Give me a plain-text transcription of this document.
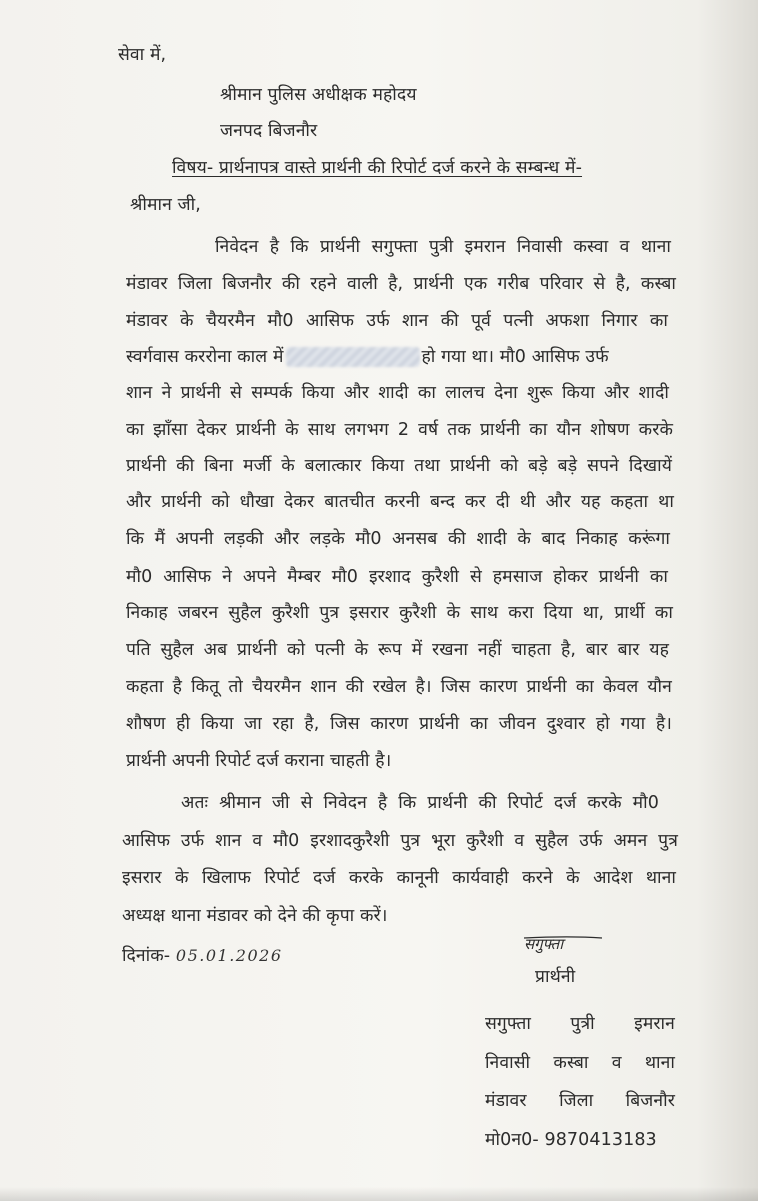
सेवा में,
श्रीमान पुलिस अधीक्षक महोदय
जनपद बिजनौर
विषय- प्रार्थनापत्र वास्ते प्रार्थनी की रिपोर्ट दर्ज करने के सम्बन्ध में-
श्रीमान जी,
निवेदन है कि प्रार्थनी सगुफ्ता पुत्री इमरान निवासी कस्वा व थाना
मंडावर जिला बिजनौर की रहने वाली है, प्रार्थनी एक गरीब परिवार से है, कस्बा
मंडावर के चैयरमैन मौ0 आसिफ उर्फ शान की पूर्व पत्नी अफशा निगार का
स्वर्गवास कररोना काल में	हो गया था। मौ0 आसिफ उर्फ
शान ने प्रार्थनी से सम्पर्क किया और शादी का लालच देना शुरू किया और शादी
का झाँसा देकर प्रार्थनी के साथ लगभग 2 वर्ष तक प्रार्थनी का यौन शोषण करके
प्रार्थनी की बिना मर्जी के बलात्कार किया तथा प्रार्थनी को बड़े बड़े सपने दिखायें
और प्रार्थनी को धौखा देकर बातचीत करनी बन्द कर दी थी और यह कहता था
कि मैं अपनी लड़की और लड़के मौ0 अनसब की शादी के बाद निकाह करूंगा
मौ0 आसिफ ने अपने मैम्बर मौ0 इरशाद कुरैशी से हमसाज होकर प्रार्थनी का
निकाह जबरन सुहैल कुरैशी पुत्र इसरार कुरैशी के साथ करा दिया था, प्रार्थी का
पति सुहैल अब प्रार्थनी को पत्नी के रूप में रखना नहीं चाहता है, बार बार यह
कहता है कितू तो चैयरमैन शान की रखेल है। जिस कारण प्रार्थनी का केवल यौन
शौषण ही किया जा रहा है, जिस कारण प्रार्थनी का जीवन दुश्वार हो गया है।
प्रार्थनी अपनी रिपोर्ट दर्ज कराना चाहती है।
अतः श्रीमान जी से निवेदन है कि प्रार्थनी की रिपोर्ट दर्ज करके मौ0
आसिफ उर्फ शान व मौ0 इरशादकुरैशी पुत्र भूरा कुरैशी व सुहैल उर्फ अमन पुत्र
इसरार के खिलाफ रिपोर्ट दर्ज करके कानूनी कार्यवाही करने के आदेश थाना
अध्यक्ष थाना मंडावर को देने की कृपा करें।
दिनांक- 05.01.2026
सगुफ्ता
प्रार्थनी
सगुफ्ता पुत्री इमरान
निवासी कस्बा व थाना
मंडावर जिला बिजनौर
मो0न0- 9870413183
